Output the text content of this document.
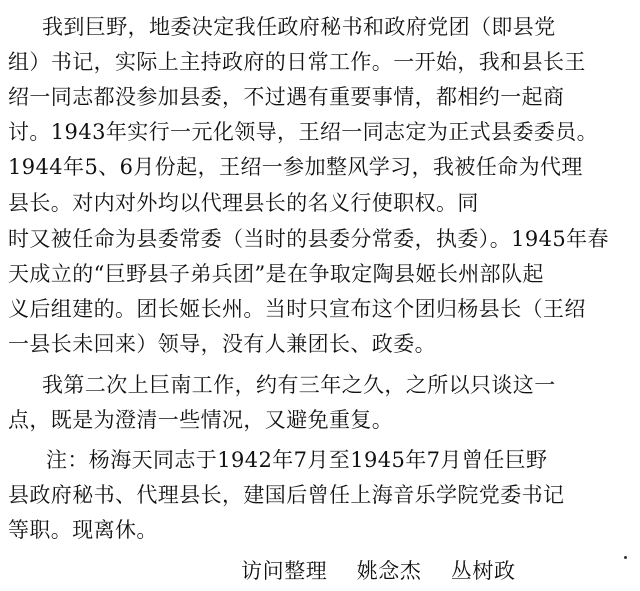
我到巨野，地委决定我任政府秘书和政府党团（即县党
组）书记，实际上主持政府的日常工作。一开始，我和县长王
绍一同志都没参加县委，不过遇有重要事情，都相约一起商
讨。1943年实行一元化领导，王绍一同志定为正式县委委员。
1944年5、6月份起，王绍一参加整风学习，我被任命为代理
县长。对内对外均以代理县长的名义行使职权。同
时又被任命为县委常委（当时的县委分常委，执委）。1945年春
天成立的“巨野县子弟兵团”是在争取定陶县姬长州部队起
义后组建的。团长姬长州。当时只宣布这个团归杨县长（王绍
一县长未回来）领导，没有人兼团长、政委。
我第二次上巨南工作，约有三年之久，之所以只谈这一
点，既是为澄清一些情况，又避免重复。
注：杨海天同志于1942年7月至1945年7月曾任巨野
县政府秘书、代理县长，建国后曾任上海音乐学院党委书记
等职。现离休。
访问整理 姚念杰 丛树政
